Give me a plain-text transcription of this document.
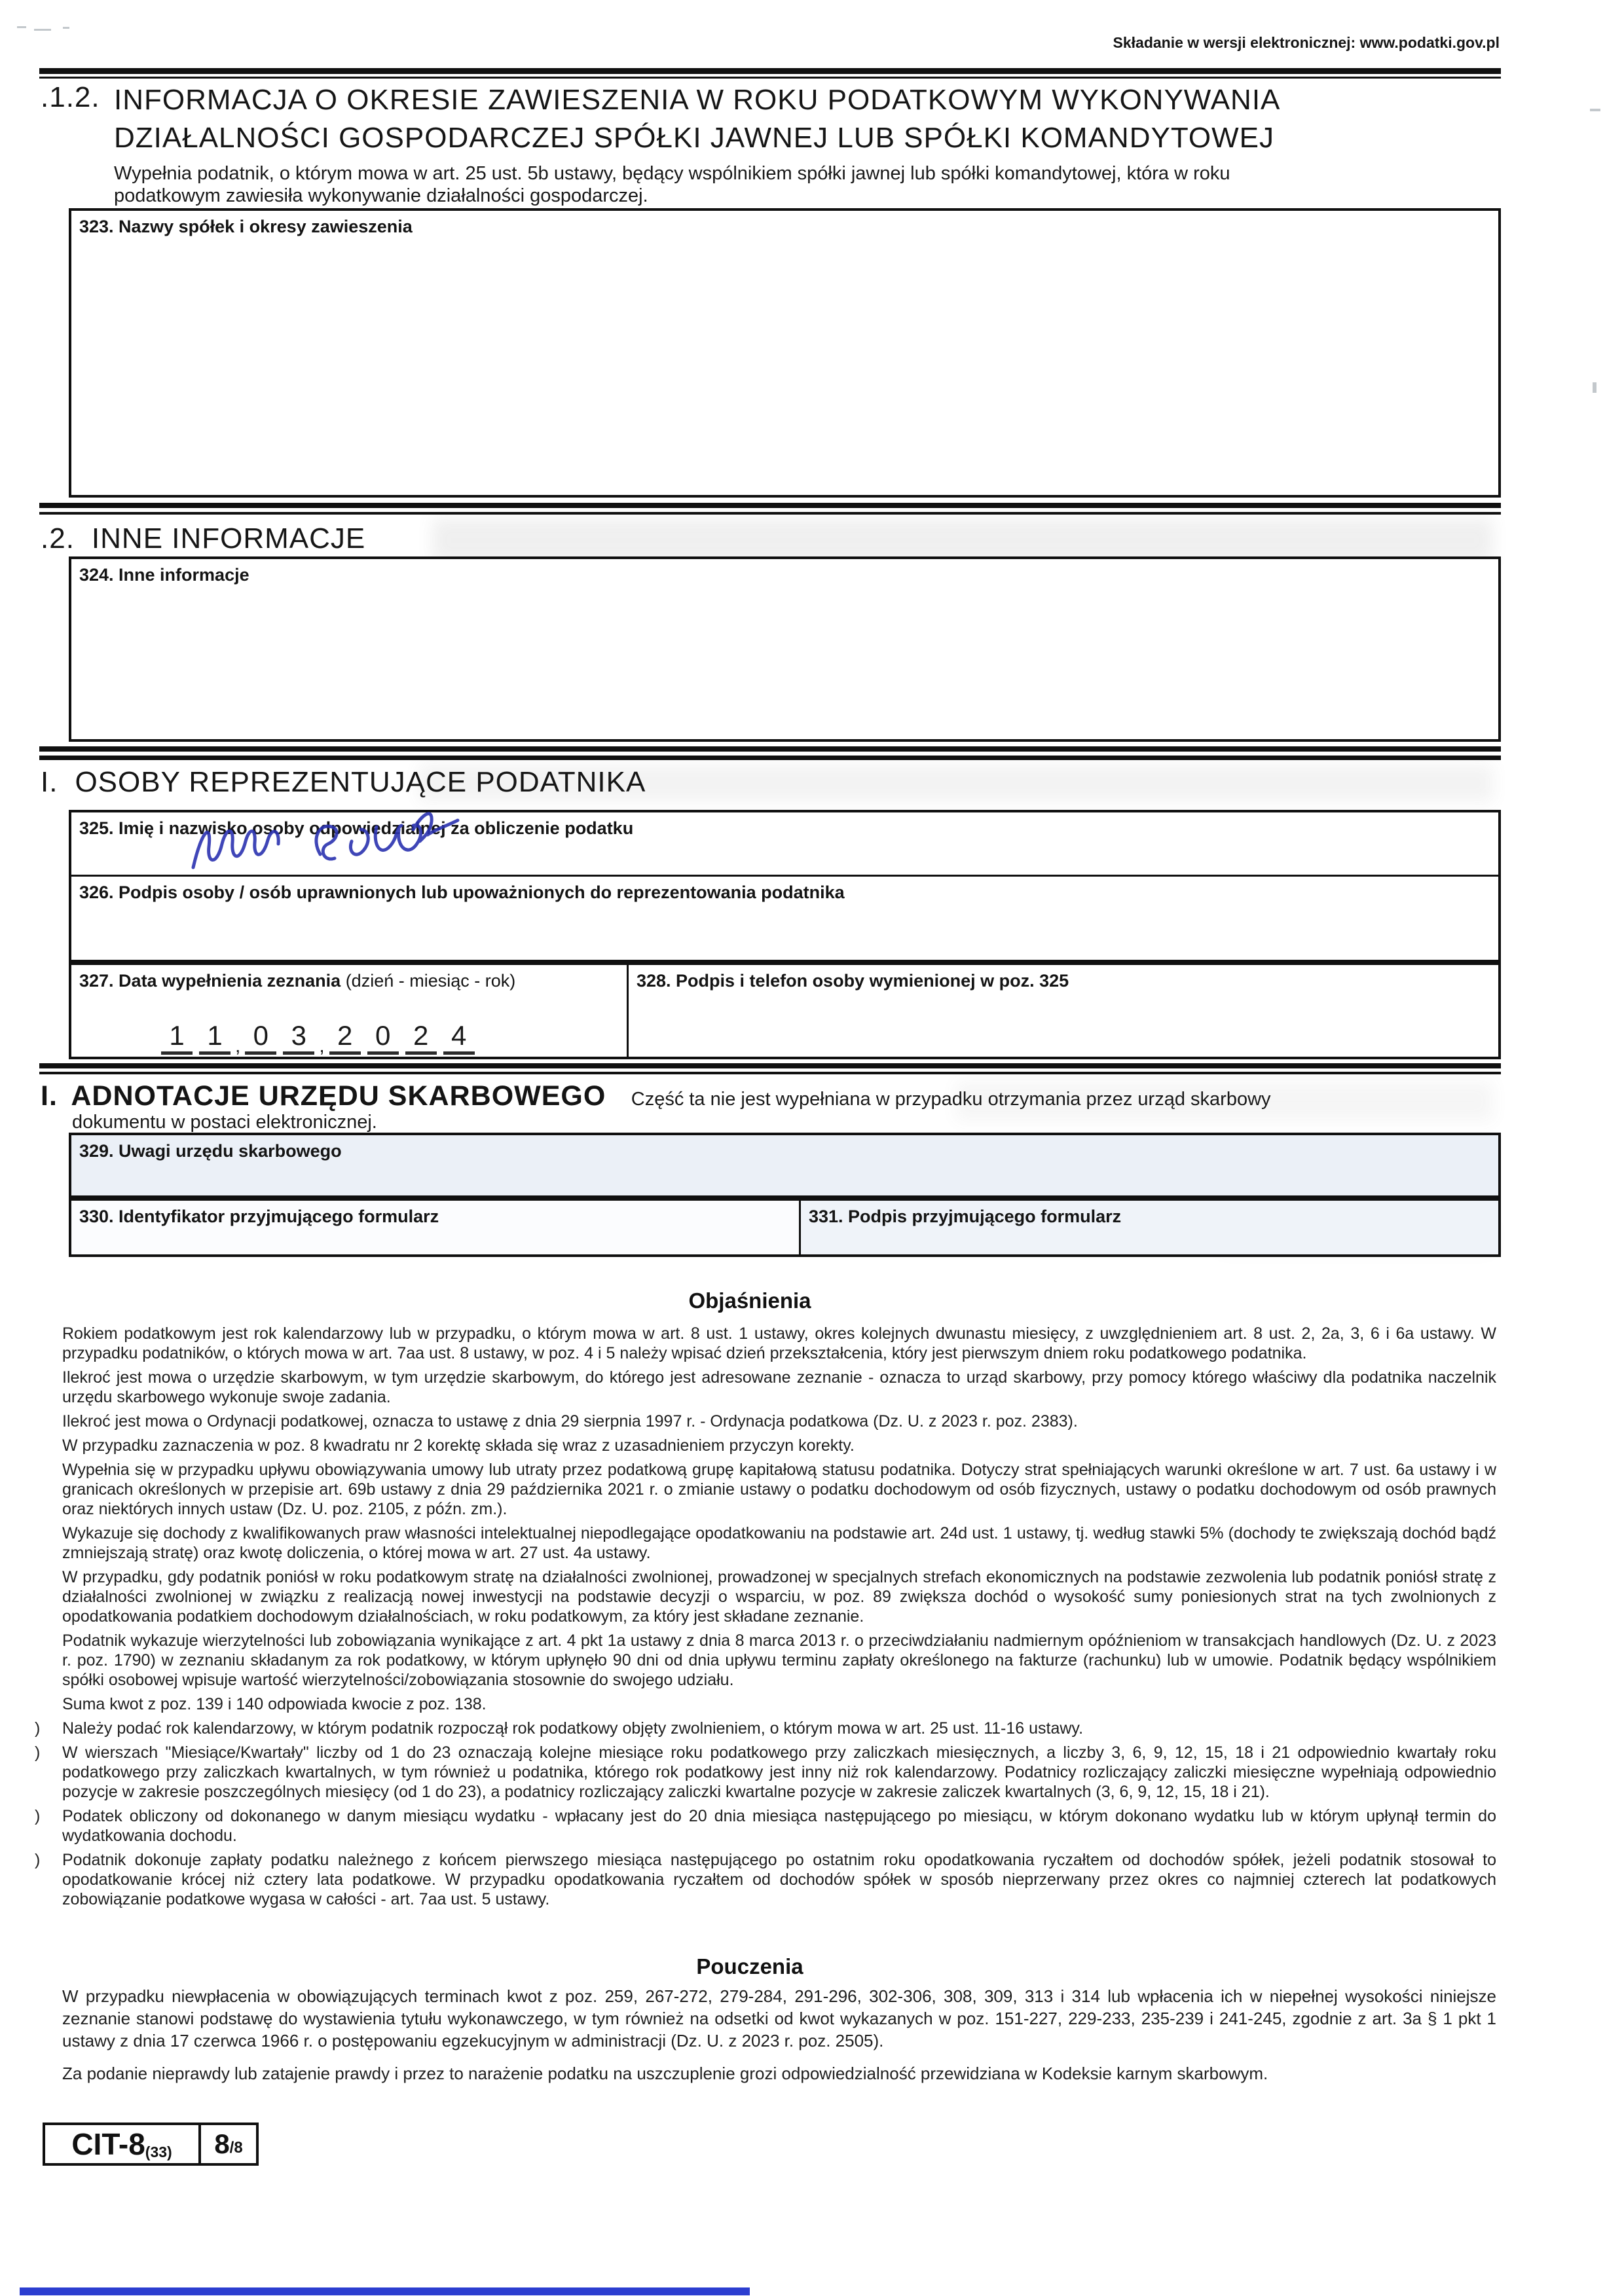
Składanie w wersji elektronicznej: www.podatki.gov.pl
.1.2. INFORMACJA O OKRESIE ZAWIESZENIA W ROKU PODATKOWYM WYKONYWANIA DZIAŁALNOŚCI GOSPODARCZEJ SPÓŁKI JAWNEJ LUB SPÓŁKI KOMANDYTOWEJ
Wypełnia podatnik, o którym mowa w art. 25 ust. 5b ustawy, będący wspólnikiem spółki jawnej lub spółki komandytowej, która w roku podatkowym zawiesiła wykonywanie działalności gospodarczej.
323. Nazwy spółek i okresy zawieszenia
.2. INNE INFORMACJE
324. Inne informacje
I. OSOBY REPREZENTUJĄCE PODATNIKA
325. Imię i nazwisko osoby odpowiedzialnej za obliczenie podatku
326. Podpis osoby / osób uprawnionych lub upoważnionych do reprezentowania podatnika
327. Data wypełnienia zeznania (dzień - miesiąc - rok)
1 1 , 0 3 , 2 0 2 4
328. Podpis i telefon osoby wymienionej w poz. 325
I. ADNOTACJE URZĘDU SKARBOWEGO Część ta nie jest wypełniana w przypadku otrzymania przez urząd skarbowy
dokumentu w postaci elektronicznej.
329. Uwagi urzędu skarbowego
330. Identyfikator przyjmującego formularz	331. Podpis przyjmującego formularz
Objaśnienia
Rokiem podatkowym jest rok kalendarzowy lub w przypadku, o którym mowa w art. 8 ust. 1 ustawy, okres kolejnych dwunastu miesięcy, z uwzględnieniem art. 8 ust. 2, 2a, 3, 6 i 6a ustawy. W przypadku podatników, o których mowa w art. 7aa ust. 8 ustawy, w poz. 4 i 5 należy wpisać dzień przekształcenia, który jest pierwszym dniem roku podatkowego podatnika.
Ilekroć jest mowa o urzędzie skarbowym, w tym urzędzie skarbowym, do którego jest adresowane zeznanie - oznacza to urząd skarbowy, przy pomocy którego właściwy dla podatnika naczelnik urzędu skarbowego wykonuje swoje zadania.
Ilekroć jest mowa o Ordynacji podatkowej, oznacza to ustawę z dnia 29 sierpnia 1997 r. - Ordynacja podatkowa (Dz. U. z 2023 r. poz. 2383).
W przypadku zaznaczenia w poz. 8 kwadratu nr 2 korektę składa się wraz z uzasadnieniem przyczyn korekty.
Wypełnia się w przypadku upływu obowiązywania umowy lub utraty przez podatkową grupę kapitałową statusu podatnika. Dotyczy strat spełniających warunki określone w art. 7 ust. 6a ustawy i w granicach określonych w przepisie art. 69b ustawy z dnia 29 października 2021 r. o zmianie ustawy o podatku dochodowym od osób fizycznych, ustawy o podatku dochodowym od osób prawnych oraz niektórych innych ustaw (Dz. U. poz. 2105, z późn. zm.).
Wykazuje się dochody z kwalifikowanych praw własności intelektualnej niepodlegające opodatkowaniu na podstawie art. 24d ust. 1 ustawy, tj. według stawki 5% (dochody te zwiększają dochód bądź zmniejszają stratę) oraz kwotę doliczenia, o której mowa w art. 27 ust. 4a ustawy.
W przypadku, gdy podatnik poniósł w roku podatkowym stratę na działalności zwolnionej, prowadzonej w specjalnych strefach ekonomicznych na podstawie zezwolenia lub podatnik poniósł stratę z działalności zwolnionej w związku z realizacją nowej inwestycji na podstawie decyzji o wsparciu, w poz. 89 zwiększa dochód o wysokość sumy poniesionych strat na tych zwolnionych z opodatkowania podatkiem dochodowym działalnościach, w roku podatkowym, za który jest składane zeznanie.
Podatnik wykazuje wierzytelności lub zobowiązania wynikające z art. 4 pkt 1a ustawy z dnia 8 marca 2013 r. o przeciwdziałaniu nadmiernym opóźnieniom w transakcjach handlowych (Dz. U. z 2023 r. poz. 1790) w zeznaniu składanym za rok podatkowy, w którym upłynęło 90 dni od dnia upływu terminu zapłaty określonego na fakturze (rachunku) lub w umowie. Podatnik będący wspólnikiem spółki osobowej wpisuje wartość wierzytelności/zobowiązania stosownie do swojego udziału.
Suma kwot z poz. 139 i 140 odpowiada kwocie z poz. 138.
) Należy podać rok kalendarzowy, w którym podatnik rozpoczął rok podatkowy objęty zwolnieniem, o którym mowa w art. 25 ust. 11-16 ustawy.
) W wierszach "Miesiące/Kwartały" liczby od 1 do 23 oznaczają kolejne miesiące roku podatkowego przy zaliczkach miesięcznych, a liczby 3, 6, 9, 12, 15, 18 i 21 odpowiednio kwartały roku podatkowego przy zaliczkach kwartalnych, w tym również u podatnika, którego rok podatkowy jest inny niż rok kalendarzowy. Podatnicy rozliczający zaliczki miesięczne wypełniają odpowiednio pozycje w zakresie poszczególnych miesięcy (od 1 do 23), a podatnicy rozliczający zaliczki kwartalne pozycje w zakresie zaliczek kwartalnych (3, 6, 9, 12, 15, 18 i 21).
) Podatek obliczony od dokonanego w danym miesiącu wydatku - wpłacany jest do 20 dnia miesiąca następującego po miesiącu, w którym dokonano wydatku lub w którym upłynął termin do wydatkowania dochodu.
) Podatnik dokonuje zapłaty podatku należnego z końcem pierwszego miesiąca następującego po ostatnim roku opodatkowania ryczałtem od dochodów spółek, jeżeli podatnik stosował to opodatkowanie krócej niż cztery lata podatkowe. W przypadku opodatkowania ryczałtem od dochodów spółek w sposób nieprzerwany przez okres co najmniej czterech lat podatkowych zobowiązanie podatkowe wygasa w całości - art. 7aa ust. 5 ustawy.
Pouczenia
W przypadku niewpłacenia w obowiązujących terminach kwot z poz. 259, 267-272, 279-284, 291-296, 302-306, 308, 309, 313 i 314 lub wpłacenia ich w niepełnej wysokości niniejsze zeznanie stanowi podstawę do wystawienia tytułu wykonawczego, w tym również na odsetki od kwot wykazanych w poz. 151-227, 229-233, 235-239 i 241-245, zgodnie z art. 3a § 1 pkt 1 ustawy z dnia 17 czerwca 1966 r. o postępowaniu egzekucyjnym w administracji (Dz. U. z 2023 r. poz. 2505).
Za podanie nieprawdy lub zatajenie prawdy i przez to narażenie podatku na uszczuplenie grozi odpowiedzialność przewidziana w Kodeksie karnym skarbowym.
CIT-8 (33) 8 /8
